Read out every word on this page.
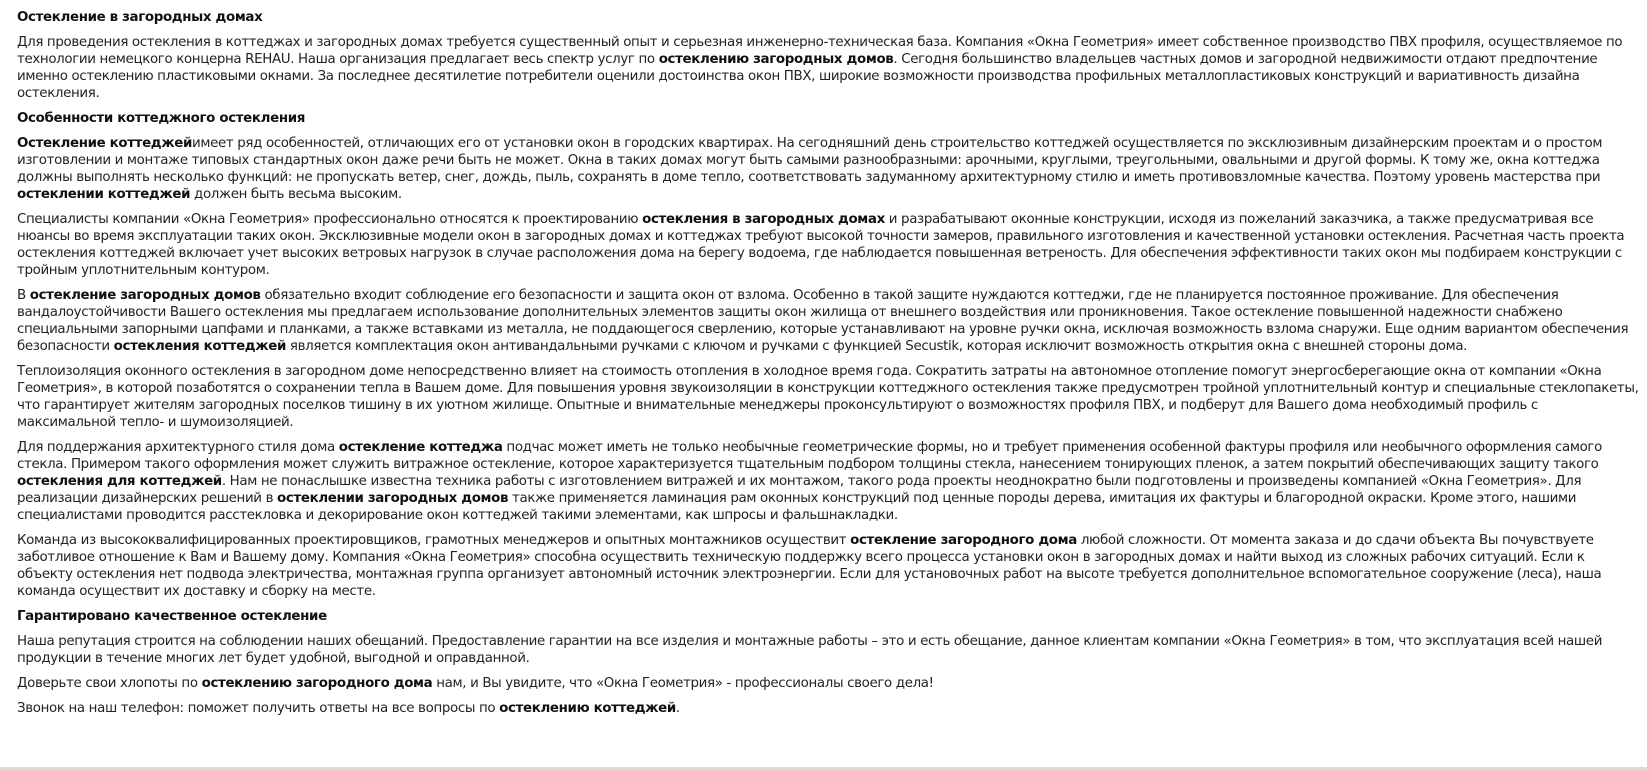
Остекление в загородных домах

Для проведения остекления в коттеджах и загородных домах требуется существенный опыт и серьезная инженерно-техническая база. Компания «Окна Геометрия» имеет собственное производство ПВХ профиля, осуществляемое по технологии немецкого концерна REHAU. Наша организация предлагает весь спектр услуг по остеклению загородных домов. Сегодня большинство владельцев частных домов и загородной недвижимости отдают предпочтение именно остеклению пластиковыми окнами. За последнее десятилетие потребители оценили достоинства окон ПВХ, широкие возможности производства профильных металлопластиковых конструкций и вариативность дизайна остекления.

Особенности коттеджного остекления

Остекление коттеджейимеет ряд особенностей, отличающих его от установки окон в городских квартирах. На сегодняшний день строительство коттеджей осуществляется по эксклюзивным дизайнерским проектам и о простом изготовлении и монтаже типовых стандартных окон даже речи быть не может. Окна в таких домах могут быть самыми разнообразными: арочными, круглыми, треугольными, овальными и другой формы. К тому же, окна коттеджа должны выполнять несколько функций: не пропускать ветер, снег, дождь, пыль, сохранять в доме тепло, соответствовать задуманному архитектурному стилю и иметь противовзломные качества. Поэтому уровень мастерства при остеклении коттеджей должен быть весьма высоким.

Специалисты компании «Окна Геометрия» профессионально относятся к проектированию остекления в загородных домах и разрабатывают оконные конструкции, исходя из пожеланий заказчика, а также предусматривая все нюансы во время эксплуатации таких окон. Эксклюзивные модели окон в загородных домах и коттеджах требуют высокой точности замеров, правильного изготовления и качественной установки остекления. Расчетная часть проекта остекления коттеджей включает учет высоких ветровых нагрузок в случае расположения дома на берегу водоема, где наблюдается повышенная ветреность. Для обеспечения эффективности таких окон мы подбираем конструкции с тройным уплотнительным контуром.

В остекление загородных домов обязательно входит соблюдение его безопасности и защита окон от взлома. Особенно в такой защите нуждаются коттеджи, где не планируется постоянное проживание. Для обеспечения вандалоустойчивости Вашего остекления мы предлагаем использование дополнительных элементов защиты окон жилища от внешнего воздействия или проникновения. Такое остекление повышенной надежности снабжено специальными запорными цапфами и планками, а также вставками из металла, не поддающегося сверлению, которые устанавливают на уровне ручки окна, исключая возможность взлома снаружи. Еще одним вариантом обеспечения безопасности остекления коттеджей является комплектация окон антивандальными ручками с ключом и ручками с функцией Secustik, которая исключит возможность открытия окна с внешней стороны дома.

Теплоизоляция оконного остекления в загородном доме непосредственно влияет на стоимость отопления в холодное время года. Сократить затраты на автономное отопление помогут энергосберегающие окна от компании «Окна Геометрия», в которой позаботятся о сохранении тепла в Вашем доме. Для повышения уровня звукоизоляции в конструкции коттеджного остекления также предусмотрен тройной уплотнительный контур и специальные стеклопакеты, что гарантирует жителям загородных поселков тишину в их уютном жилище. Опытные и внимательные менеджеры проконсультируют о возможностях профиля ПВХ, и подберут для Вашего дома необходимый профиль с максимальной тепло- и шумоизоляцией.

Для поддержания архитектурного стиля дома остекление коттеджа подчас может иметь не только необычные геометрические формы, но и требует применения особенной фактуры профиля или необычного оформления самого стекла. Примером такого оформления может служить витражное остекление, которое характеризуется тщательным подбором толщины стекла, нанесением тонирующих пленок, а затем покрытий обеспечивающих защиту такого остекления для коттеджей. Нам не понаслышке известна техника работы с изготовлением витражей и их монтажом, такого рода проекты неоднократно были подготовлены и произведены компанией «Окна Геометрия». Для реализации дизайнерских решений в остеклении загородных домов также применяется ламинация рам оконных конструкций под ценные породы дерева, имитация их фактуры и благородной окраски. Кроме этого, нашими специалистами проводится расстекловка и декорирование окон коттеджей такими элементами, как шпросы и фальшнакладки.

Команда из высококвалифицированных проектировщиков, грамотных менеджеров и опытных монтажников осуществит остекление загородного дома любой сложности. От момента заказа и до сдачи объекта Вы почувствуете заботливое отношение к Вам и Вашему дому. Компания «Окна Геометрия» способна осуществить техническую поддержку всего процесса установки окон в загородных домах и найти выход из сложных рабочих ситуаций. Если к объекту остекления нет подвода электричества, монтажная группа организует автономный источник электроэнергии. Если для установочных работ на высоте требуется дополнительное вспомогательное сооружение (леса), наша команда осуществит их доставку и сборку на месте.

Гарантировано качественное остекление

Наша репутация строится на соблюдении наших обещаний. Предоставление гарантии на все изделия и монтажные работы – это и есть обещание, данное клиентам компании «Окна Геометрия» в том, что эксплуатация всей нашей продукции в течение многих лет будет удобной, выгодной и оправданной.

Доверьте свои хлопоты по остеклению загородного дома нам, и Вы увидите, что «Окна Геометрия» - профессионалы своего дела!

Звонок на наш телефон: поможет получить ответы на все вопросы по остеклению коттеджей.
